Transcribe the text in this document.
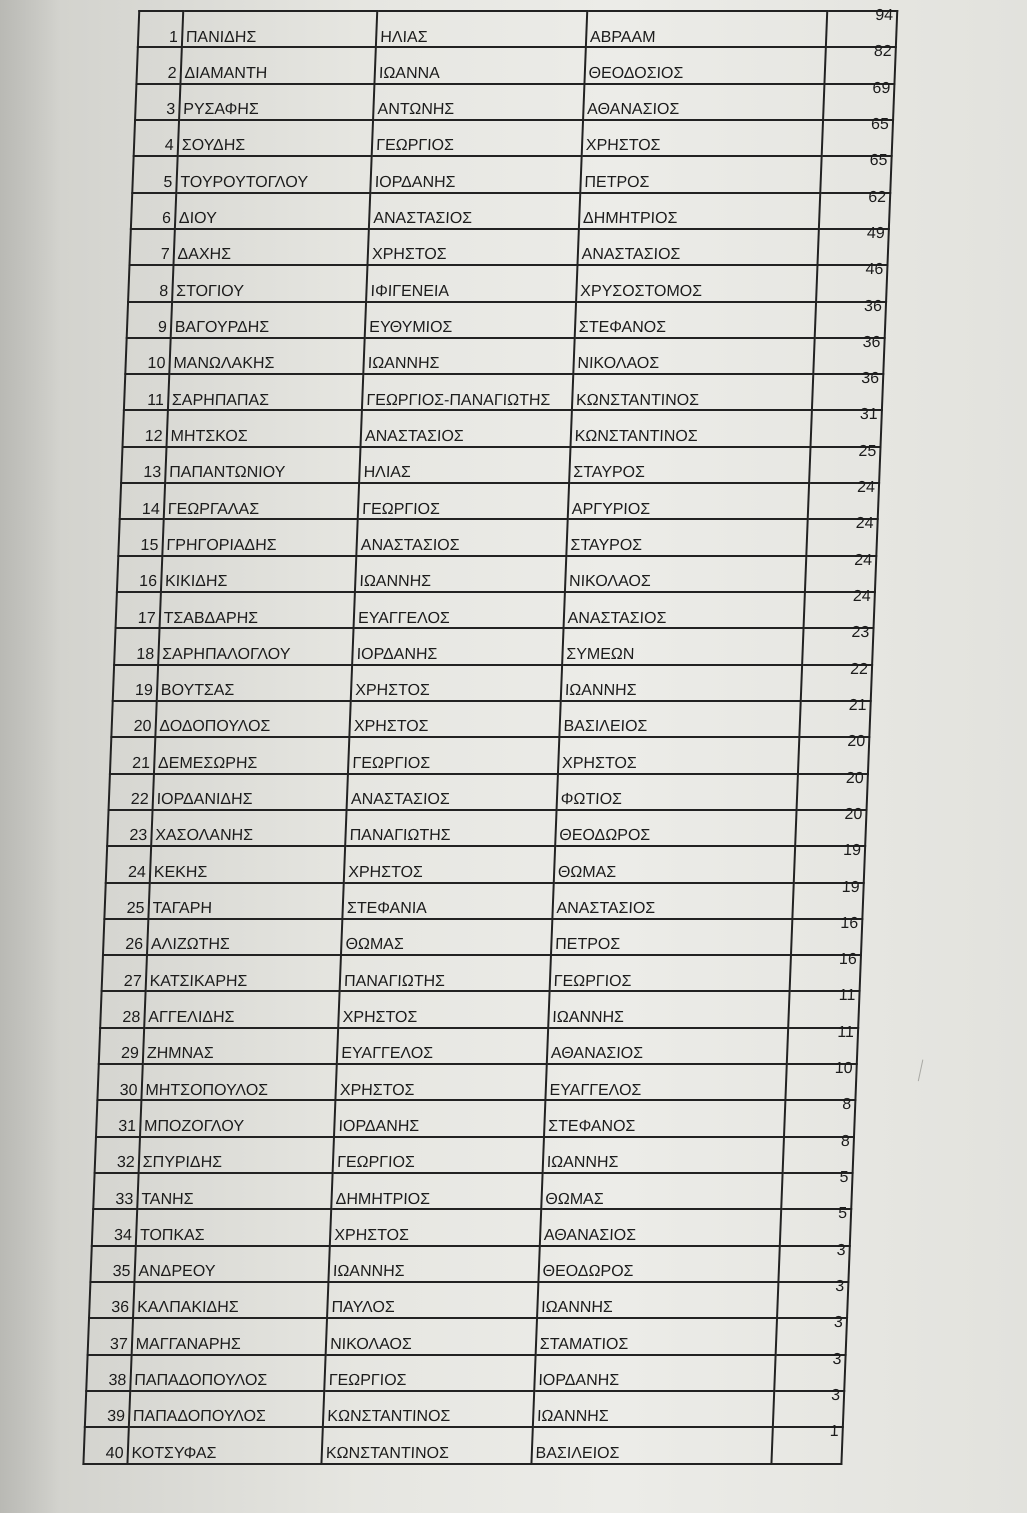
1	ΠΑΝΙΔΗΣ	ΗΛΙΑΣ	ΑΒΡΑΑΜ	94
2	ΔΙΑΜΑΝΤΗ	ΙΩΑΝΝΑ	ΘΕΟΔΟΣΙΟΣ	82
3	ΡΥΣΑΦΗΣ	ΑΝΤΩΝΗΣ	ΑΘΑΝΑΣΙΟΣ	69
4	ΣΟΥΔΗΣ	ΓΕΩΡΓΙΟΣ	ΧΡΗΣΤΟΣ	65
5	ΤΟΥΡΟΥΤΟΓΛΟΥ	ΙΟΡΔΑΝΗΣ	ΠΕΤΡΟΣ	65
6	ΔΙΟΥ	ΑΝΑΣΤΑΣΙΟΣ	ΔΗΜΗΤΡΙΟΣ	62
7	ΔΑΧΗΣ	ΧΡΗΣΤΟΣ	ΑΝΑΣΤΑΣΙΟΣ	49
8	ΣΤΟΓΙΟΥ	ΙΦΙΓΕΝΕΙΑ	ΧΡΥΣΟΣΤΟΜΟΣ	46
9	ΒΑΓΟΥΡΔΗΣ	ΕΥΘΥΜΙΟΣ	ΣΤΕΦΑΝΟΣ	36
10	ΜΑΝΩΛΑΚΗΣ	ΙΩΑΝΝΗΣ	ΝΙΚΟΛΑΟΣ	36
11	ΣΑΡΗΠΑΠΑΣ	ΓΕΩΡΓΙΟΣ-ΠΑΝΑΓΙΩΤΗΣ	ΚΩΝΣΤΑΝΤΙΝΟΣ	36
12	ΜΗΤΣΚΟΣ	ΑΝΑΣΤΑΣΙΟΣ	ΚΩΝΣΤΑΝΤΙΝΟΣ	31
13	ΠΑΠΑΝΤΩΝΙΟΥ	ΗΛΙΑΣ	ΣΤΑΥΡΟΣ	25
14	ΓΕΩΡΓΑΛΑΣ	ΓΕΩΡΓΙΟΣ	ΑΡΓΥΡΙΟΣ	24
15	ΓΡΗΓΟΡΙΑΔΗΣ	ΑΝΑΣΤΑΣΙΟΣ	ΣΤΑΥΡΟΣ	24
16	ΚΙΚΙΔΗΣ	ΙΩΑΝΝΗΣ	ΝΙΚΟΛΑΟΣ	24
17	ΤΣΑΒΔΑΡΗΣ	ΕΥΑΓΓΕΛΟΣ	ΑΝΑΣΤΑΣΙΟΣ	24
18	ΣΑΡΗΠΑΛΟΓΛΟΥ	ΙΟΡΔΑΝΗΣ	ΣΥΜΕΩΝ	23
19	ΒΟΥΤΣΑΣ	ΧΡΗΣΤΟΣ	ΙΩΑΝΝΗΣ	22
20	ΔΟΔΟΠΟΥΛΟΣ	ΧΡΗΣΤΟΣ	ΒΑΣΙΛΕΙΟΣ	21
21	ΔΕΜΕΣΩΡΗΣ	ΓΕΩΡΓΙΟΣ	ΧΡΗΣΤΟΣ	20
22	ΙΟΡΔΑΝΙΔΗΣ	ΑΝΑΣΤΑΣΙΟΣ	ΦΩΤΙΟΣ	20
23	ΧΑΣΟΛΑΝΗΣ	ΠΑΝΑΓΙΩΤΗΣ	ΘΕΟΔΩΡΟΣ	20
24	ΚΕΚΗΣ	ΧΡΗΣΤΟΣ	ΘΩΜΑΣ	19
25	ΤΑΓΑΡΗ	ΣΤΕΦΑΝΙΑ	ΑΝΑΣΤΑΣΙΟΣ	19
26	ΑΛΙΖΩΤΗΣ	ΘΩΜΑΣ	ΠΕΤΡΟΣ	16
27	ΚΑΤΣΙΚΑΡΗΣ	ΠΑΝΑΓΙΩΤΗΣ	ΓΕΩΡΓΙΟΣ	16
28	ΑΓΓΕΛΙΔΗΣ	ΧΡΗΣΤΟΣ	ΙΩΑΝΝΗΣ	11
29	ΖΗΜΝΑΣ	ΕΥΑΓΓΕΛΟΣ	ΑΘΑΝΑΣΙΟΣ	11
30	ΜΗΤΣΟΠΟΥΛΟΣ	ΧΡΗΣΤΟΣ	ΕΥΑΓΓΕΛΟΣ	10
31	ΜΠΟΖΟΓΛΟΥ	ΙΟΡΔΑΝΗΣ	ΣΤΕΦΑΝΟΣ	8
32	ΣΠΥΡΙΔΗΣ	ΓΕΩΡΓΙΟΣ	ΙΩΑΝΝΗΣ	8
33	ΤΑΝΗΣ	ΔΗΜΗΤΡΙΟΣ	ΘΩΜΑΣ	5
34	ΤΟΠΚΑΣ	ΧΡΗΣΤΟΣ	ΑΘΑΝΑΣΙΟΣ	5
35	ΑΝΔΡΕΟΥ	ΙΩΑΝΝΗΣ	ΘΕΟΔΩΡΟΣ	3
36	ΚΑΛΠΑΚΙΔΗΣ	ΠΑΥΛΟΣ	ΙΩΑΝΝΗΣ	3
37	ΜΑΓΓΑΝΑΡΗΣ	ΝΙΚΟΛΑΟΣ	ΣΤΑΜΑΤΙΟΣ	3
38	ΠΑΠΑΔΟΠΟΥΛΟΣ	ΓΕΩΡΓΙΟΣ	ΙΟΡΔΑΝΗΣ	3
39	ΠΑΠΑΔΟΠΟΥΛΟΣ	ΚΩΝΣΤΑΝΤΙΝΟΣ	ΙΩΑΝΝΗΣ	3
40	ΚΟΤΣΥΦΑΣ	ΚΩΝΣΤΑΝΤΙΝΟΣ	ΒΑΣΙΛΕΙΟΣ	1
